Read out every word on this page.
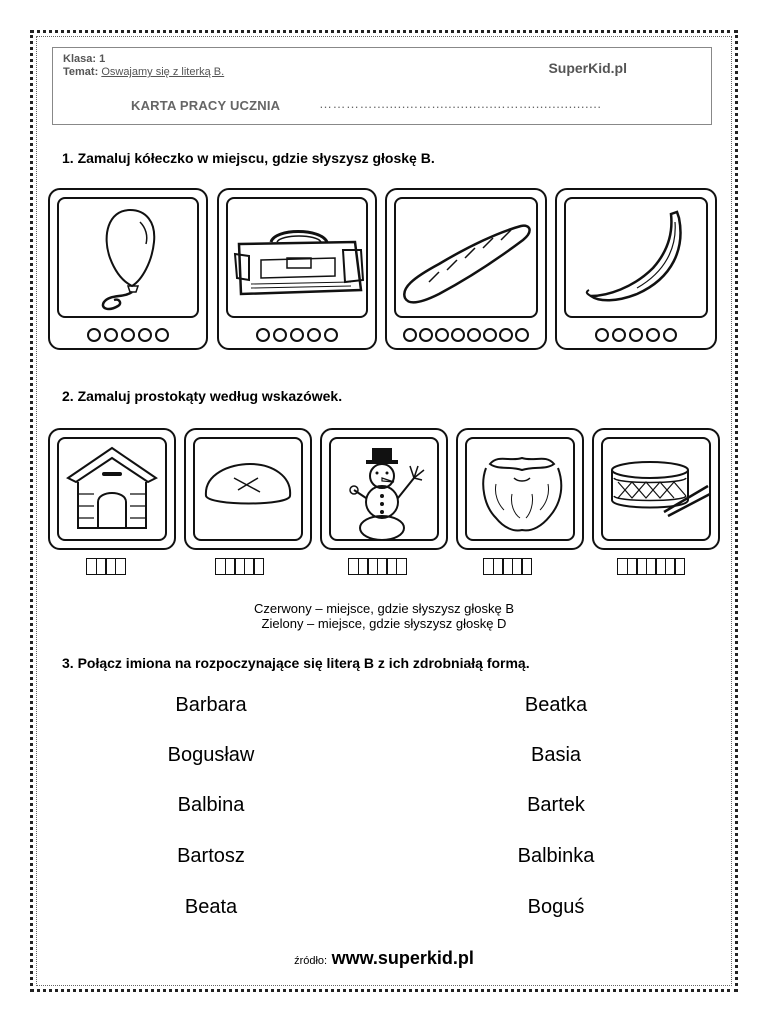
Klasa: 1
Temat: Oswajamy się z literką B.	SuperKid.pl
KARTA PRACY UCZNIA	…………...........…..................…....................
1. Zamaluj kółeczko w miejscu, gdzie słyszysz głoskę B.
2. Zamaluj prostokąty według wskazówek.
Czerwony – miejsce, gdzie słyszysz głoskę B
Zielony – miejsce, gdzie słyszysz głoskę D
3. Połącz imiona na rozpoczynające się literą B z ich zdrobniałą formą.
Barbara
Bogusław
Balbina
Bartosz
Beata
Beatka
Basia
Bartek
Balbinka
Boguś
źródło: www.superkid.pl
